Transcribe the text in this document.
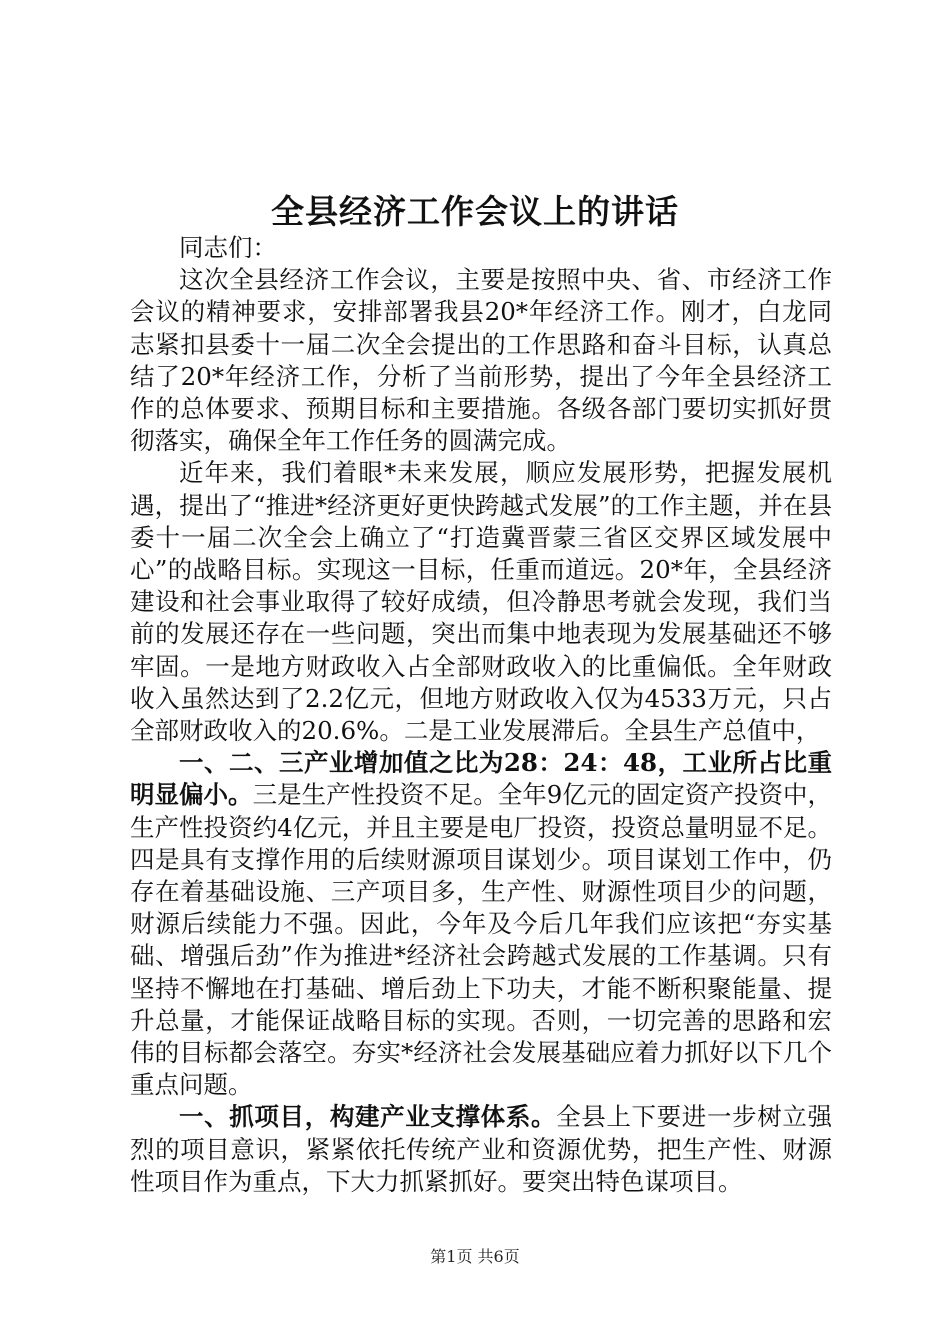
全县经济工作会议上的讲话

同志们：

这次全县经济工作会议，主要是按照中央、省、市经济工作会议的精神要求，安排部署我县20*年经济工作。刚才，白龙同志紧扣县委十一届二次全会提出的工作思路和奋斗目标，认真总结了20*年经济工作，分析了当前形势，提出了今年全县经济工作的总体要求、预期目标和主要措施。各级各部门要切实抓好贯彻落实，确保全年工作任务的圆满完成。

近年来，我们着眼*未来发展，顺应发展形势，把握发展机遇，提出了“推进*经济更好更快跨越式发展”的工作主题，并在县委十一届二次全会上确立了“打造冀晋蒙三省区交界区域发展中心”的战略目标。实现这一目标，任重而道远。20*年，全县经济建设和社会事业取得了较好成绩，但冷静思考就会发现，我们当前的发展还存在一些问题，突出而集中地表现为发展基础还不够牢固。一是地方财政收入占全部财政收入的比重偏低。全年财政收入虽然达到了2.2亿元，但地方财政收入仅为4533万元，只占全部财政收入的20.6%。二是工业发展滞后。全县生产总值中，

一、二、三产业增加值之比为28：24：48，工业所占比重明显偏小。三是生产性投资不足。全年9亿元的固定资产投资中，生产性投资约4亿元，并且主要是电厂投资，投资总量明显不足。四是具有支撑作用的后续财源项目谋划少。项目谋划工作中，仍存在着基础设施、三产项目多，生产性、财源性项目少的问题，财源后续能力不强。因此，今年及今后几年我们应该把“夯实基础、增强后劲”作为推进*经济社会跨越式发展的工作基调。只有坚持不懈地在打基础、增后劲上下功夫，才能不断积聚能量、提升总量，才能保证战略目标的实现。否则，一切完善的思路和宏伟的目标都会落空。夯实*经济社会发展基础应着力抓好以下几个重点问题。

一、抓项目，构建产业支撑体系。全县上下要进一步树立强烈的项目意识，紧紧依托传统产业和资源优势，把生产性、财源性项目作为重点，下大力抓紧抓好。要突出特色谋项目。

第1页 共6页
